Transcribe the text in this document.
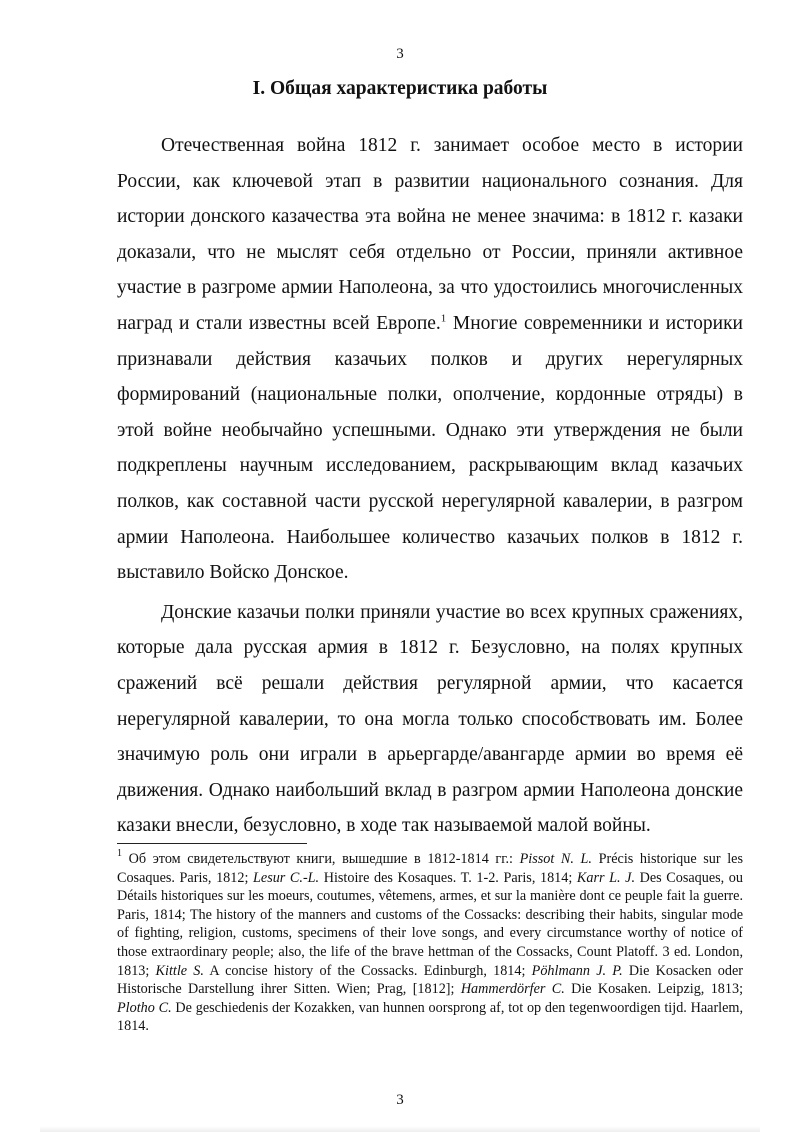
3
I. Общая характеристика работы

Отечественная война 1812 г. занимает особое место в истории России, как ключевой этап в развитии национального сознания. Для истории донского казачества эта война не менее значима: в 1812 г. казаки доказали, что не мыслят себя отдельно от России, приняли активное участие в разгроме армии Наполеона, за что удостоились многочисленных наград и стали известны всей Европе.$^1$ Многие современники и историки признавали действия казачьих полков и других нерегулярных формирований (национальные полки, ополчение, кордонные отряды) в этой войне необычайно успешными. Однако эти утверждения не были подкреплены научным исследованием, раскрывающим вклад казачьих полков, как составной части русской нерегулярной кавалерии, в разгром армии Наполеона. Наибольшее количество казачьих полков в 1812 г. выставило Войско Донское.

Донские казачьи полки приняли участие во всех крупных сражениях, которые дала русская армия в 1812 г. Безусловно, на полях крупных сражений всё решали действия регулярной армии, что касается нерегулярной кавалерии, то она могла только способствовать им. Более значимую роль они играли в арьергарде/авангарде армии во время её движения. Однако наибольший вклад в разгром армии Наполеона донские казаки внесли, безусловно, в ходе так называемой малой войны.

$^1$ Об этом свидетельствуют книги, вышедшие в 1812-1814 гг.: Pissot N. L. Précis historique sur les Cosaques. Paris, 1812; Lesur C.-L. Histoire des Kosaques. T. 1-2. Paris, 1814; Karr L. J. Des Cosaques, ou Détails historiques sur les moeurs, coutumes, vêtemens, armes, et sur la manière dont ce peuple fait la guerre. Paris, 1814; The history of the manners and customs of the Cossacks: describing their habits, singular mode of fighting, religion, customs, specimens of their love songs, and every circumstance worthy of notice of those extraordinary people; also, the life of the brave hettman of the Cossacks, Count Platoff. 3 ed. London, 1813; Kittle S. A concise history of the Cossacks. Edinburgh, 1814; Pöhlmann J. P. Die Kosacken oder Historische Darstellung ihrer Sitten. Wien; Prag, [1812]; Hammerdörfer C. Die Kosaken. Leipzig, 1813; Plotho C. De geschiedenis der Kozakken, van hunnen oorsprong af, tot op den tegenwoordigen tijd. Haarlem, 1814.

3
